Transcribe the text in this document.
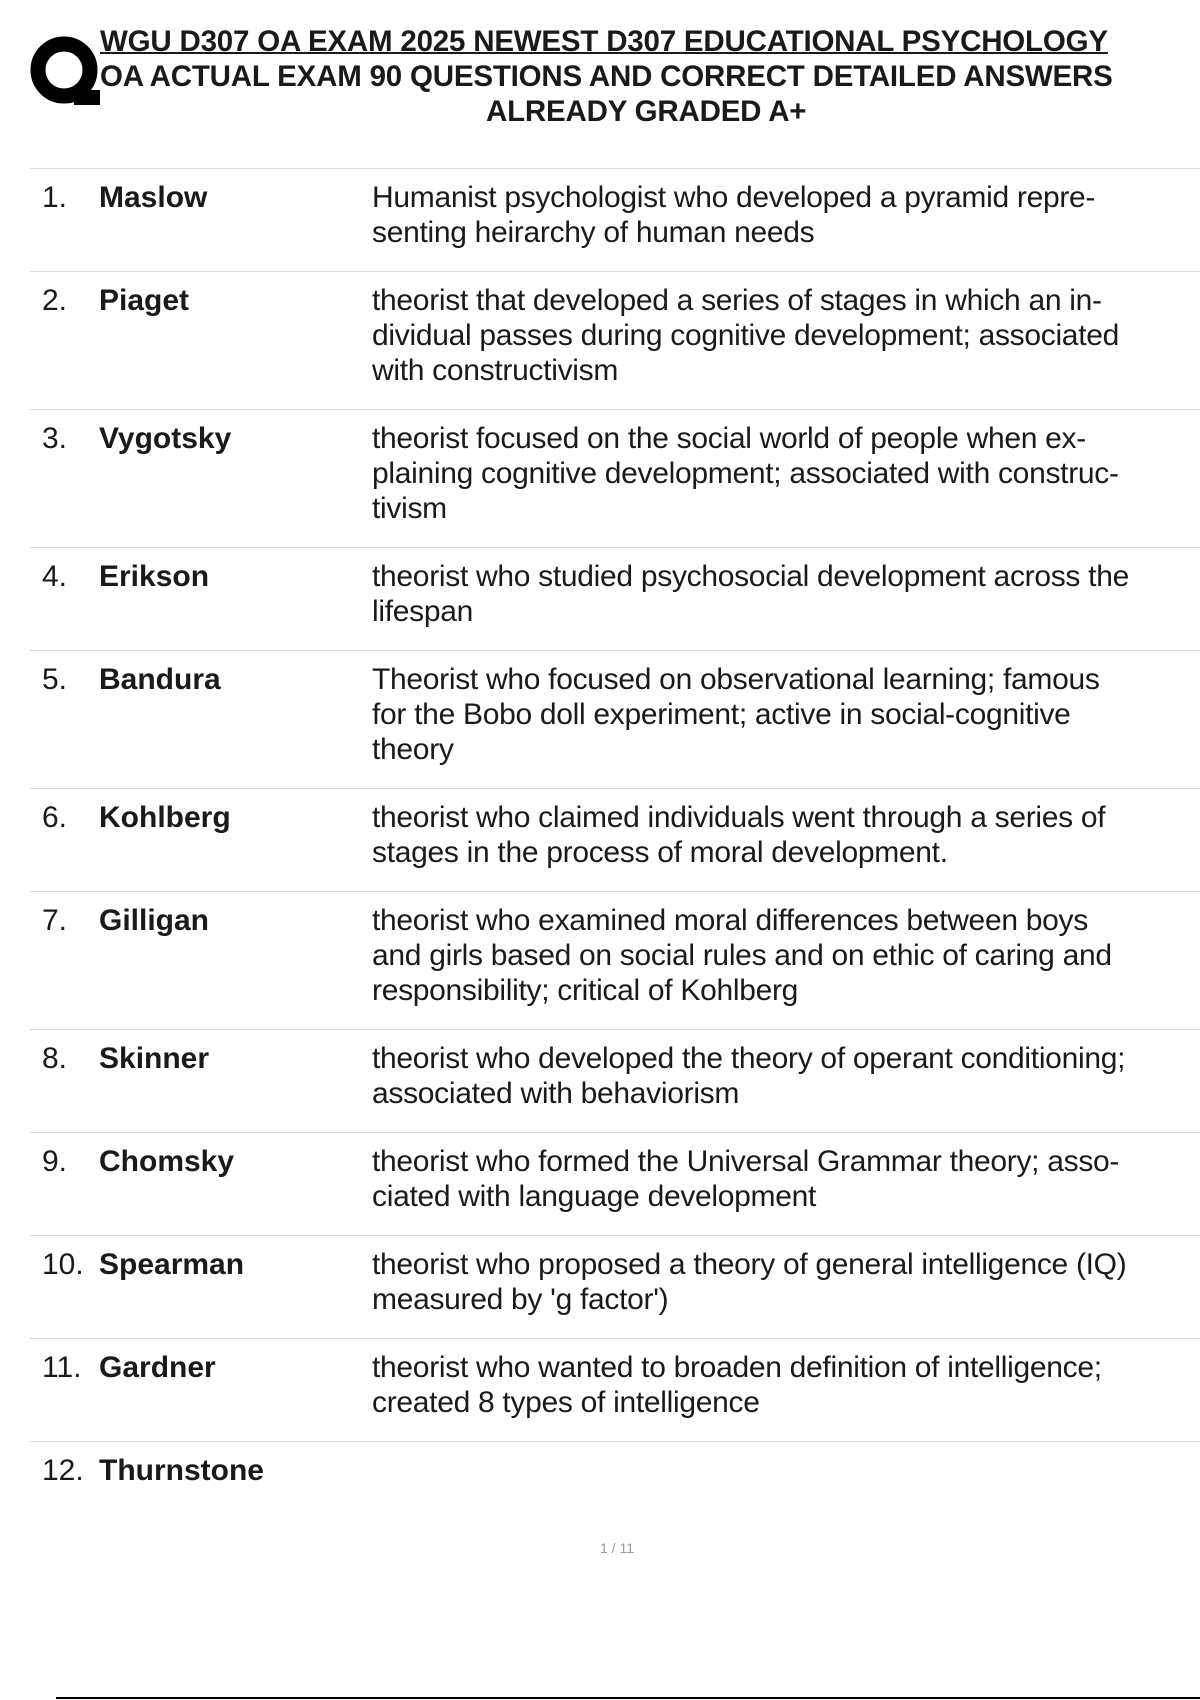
WGU D307 OA EXAM 2025 NEWEST D307 EDUCATIONAL PSYCHOLOGY
OA ACTUAL EXAM 90 QUESTIONS AND CORRECT DETAILED ANSWERS
ALREADY GRADED A+
1. Maslow	Humanist psychologist who developed a pyramid repre-
senting heirarchy of human needs
2. Piaget	theorist that developed a series of stages in which an in-
dividual passes during cognitive development; associated
with constructivism
3. Vygotsky	theorist focused on the social world of people when ex-
plaining cognitive development; associated with construc-
tivism
4. Erikson	theorist who studied psychosocial development across the
lifespan
5. Bandura	Theorist who focused on observational learning; famous
for the Bobo doll experiment; active in social-cognitive
theory
6. Kohlberg	theorist who claimed individuals went through a series of
stages in the process of moral development.
7. Gilligan	theorist who examined moral differences between boys
and girls based on social rules and on ethic of caring and
responsibility; critical of Kohlberg
8. Skinner	theorist who developed the theory of operant conditioning;
associated with behaviorism
9. Chomsky	theorist who formed the Universal Grammar theory; asso-
ciated with language development
10. Spearman	theorist who proposed a theory of general intelligence (IQ)
measured by 'g factor')
11. Gardner	theorist who wanted to broaden definition of intelligence;
created 8 types of intelligence
12. Thurnstone
1 / 11
